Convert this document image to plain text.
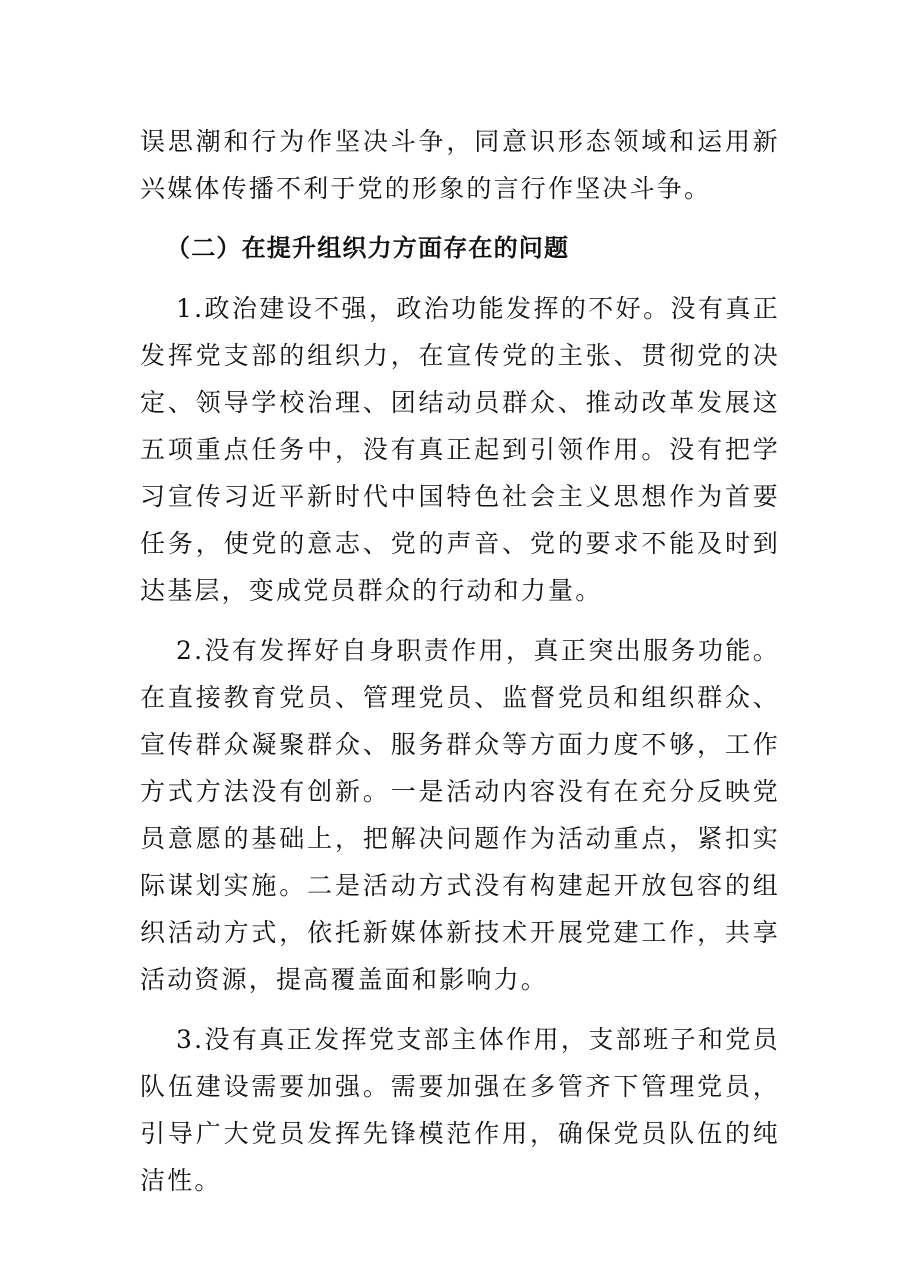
误思潮和行为作坚决斗争，同意识形态领域和运用新兴媒体传播不利于党的形象的言行作坚决斗争。

（二）在提升组织力方面存在的问题

1.政治建设不强，政治功能发挥的不好。没有真正发挥党支部的组织力，在宣传党的主张、贯彻党的决定、领导学校治理、团结动员群众、推动改革发展这五项重点任务中，没有真正起到引领作用。没有把学习宣传习近平新时代中国特色社会主义思想作为首要任务，使党的意志、党的声音、党的要求不能及时到达基层，变成党员群众的行动和力量。

2.没有发挥好自身职责作用，真正突出服务功能。在直接教育党员、管理党员、监督党员和组织群众、宣传群众凝聚群众、服务群众等方面力度不够，工作方式方法没有创新。一是活动内容没有在充分反映党员意愿的基础上，把解决问题作为活动重点，紧扣实际谋划实施。二是活动方式没有构建起开放包容的组织活动方式，依托新媒体新技术开展党建工作，共享活动资源，提高覆盖面和影响力。

3.没有真正发挥党支部主体作用，支部班子和党员队伍建设需要加强。需要加强在多管齐下管理党员，引导广大党员发挥先锋模范作用，确保党员队伍的纯洁性。
